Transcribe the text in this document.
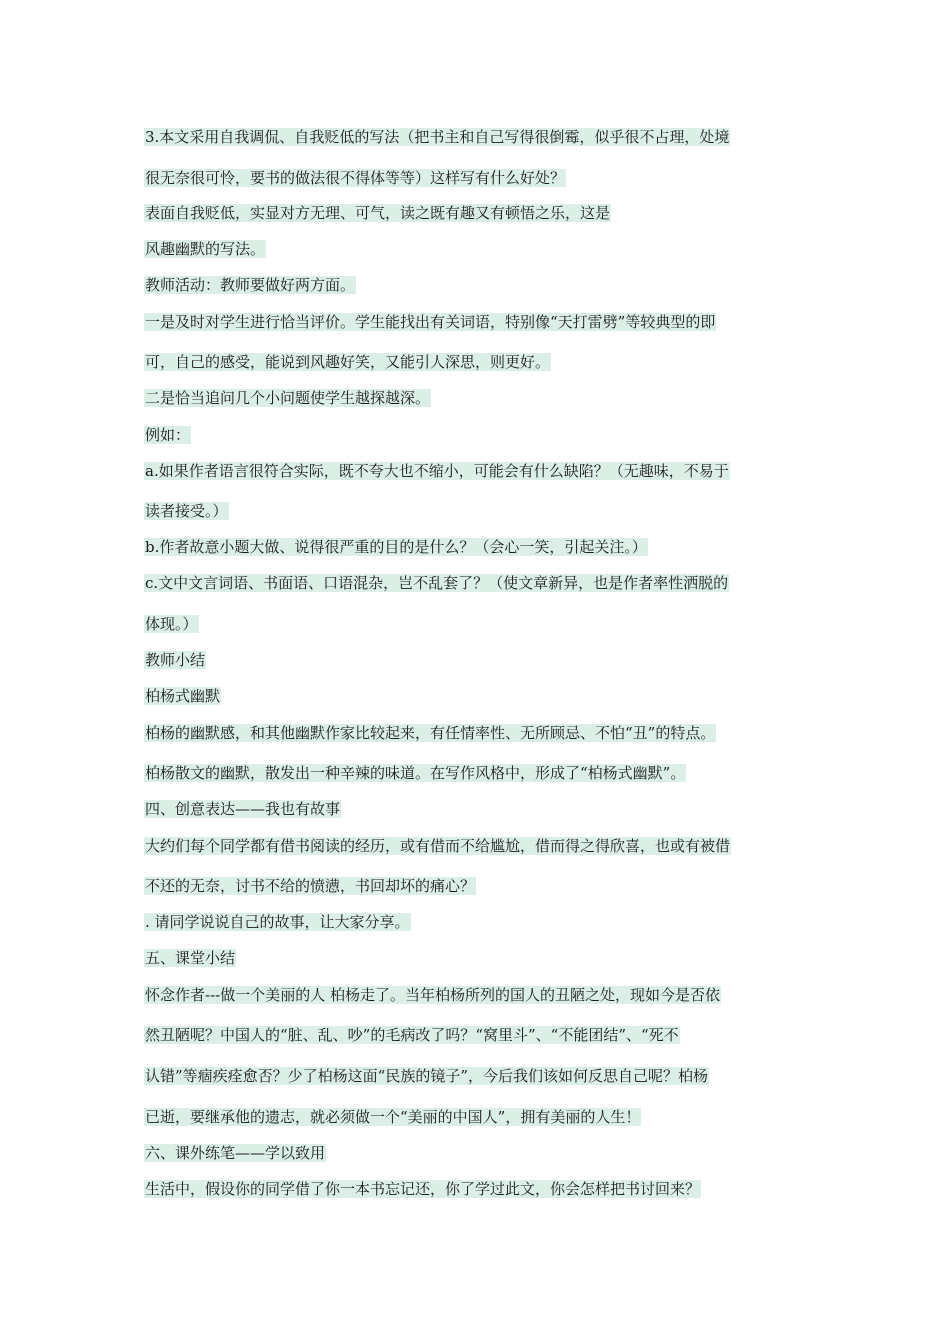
3.本文采用自我调侃、自我贬低的写法（把书主和自己写得很倒霉，似乎很不占理，处境
很无奈很可怜，要书的做法很不得体等等）这样写有什么好处？
表面自我贬低，实显对方无理、可气，读之既有趣又有顿悟之乐，这是
风趣幽默的写法。
教师活动：教师要做好两方面。
一是及时对学生进行恰当评价。学生能找出有关词语，特别像“天打雷劈”等较典型的即
可，自己的感受，能说到风趣好笑，又能引人深思，则更好。
二是恰当追问几个小问题使学生越探越深。
例如：
a.如果作者语言很符合实际，既不夸大也不缩小，可能会有什么缺陷？（无趣味，不易于
读者接受。）
b.作者故意小题大做、说得很严重的目的是什么？（会心一笑，引起关注。）
c.文中文言词语、书面语、口语混杂，岂不乱套了？（使文章新异，也是作者率性洒脱的
体现。）
教师小结
柏杨式幽默
柏杨的幽默感，和其他幽默作家比较起来，有任情率性、无所顾忌、不怕“丑”的特点。
柏杨散文的幽默，散发出一种辛辣的味道。在写作风格中，形成了“柏杨式幽默”。
四、创意表达——我也有故事
大约们每个同学都有借书阅读的经历，或有借而不给尴尬，借而得之得欣喜，也或有被借
不还的无奈，讨书不给的愤懑，书回却坏的痛心？
. 请同学说说自己的故事，让大家分享。
五、课堂小结
怀念作者---做一个美丽的人 柏杨走了。当年柏杨所列的国人的丑陋之处，现如今是否依
然丑陋呢？中国人的“脏、乱、吵”的毛病改了吗？“窝里斗”、“不能团结”、“死不
认错”等痼疾痊愈否？少了柏杨这面“民族的镜子”，今后我们该如何反思自己呢？柏杨
已逝，要继承他的遗志，就必须做一个“美丽的中国人”，拥有美丽的人生！
六、课外练笔——学以致用
生活中，假设你的同学借了你一本书忘记还，你了学过此文，你会怎样把书讨回来？
